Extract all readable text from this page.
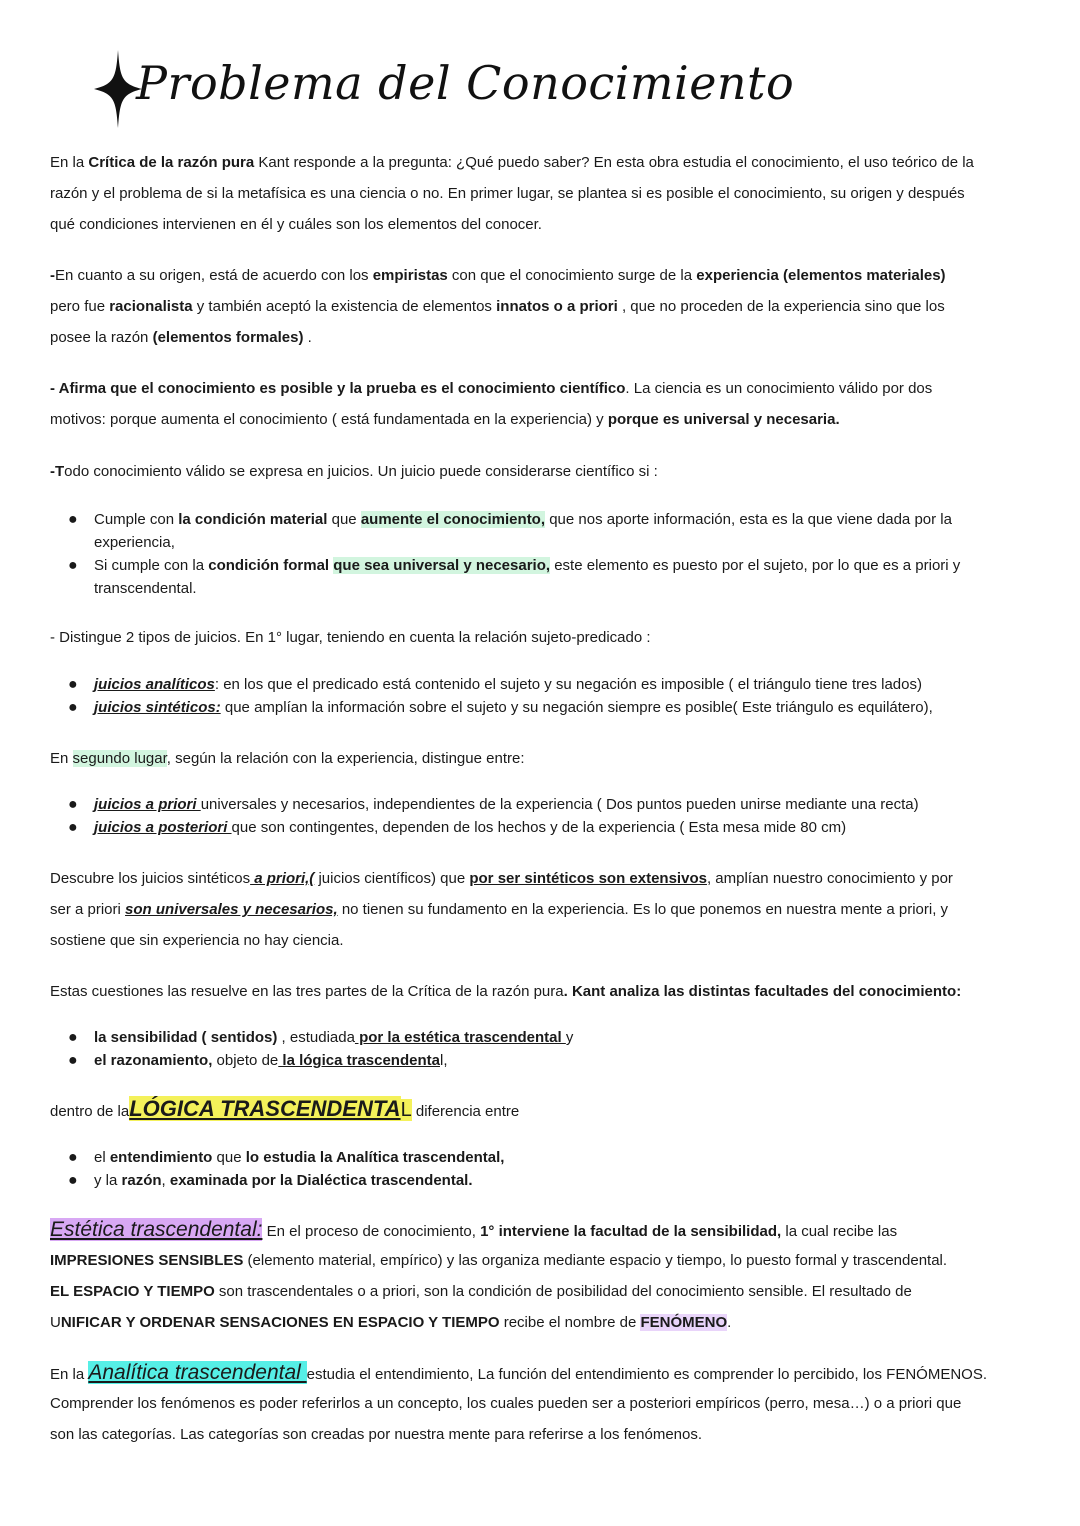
Problema del Conocimiento
En la Crítica de la razón pura Kant responde a la pregunta: ¿Qué puedo saber? En esta obra estudia el conocimiento, el uso teórico de la
razón y el problema de si la metafísica es una ciencia o no. En primer lugar, se plantea si es posible el conocimiento, su origen y después
qué condiciones intervienen en él y cuáles son los elementos del conocer.
-En cuanto a su origen, está de acuerdo con los empiristas con que el conocimiento surge de la experiencia (elementos materiales)
pero fue racionalista y también aceptó la existencia de elementos innatos o a priori , que no proceden de la experiencia sino que los
posee la razón (elementos formales) .
- Afirma que el conocimiento es posible y la prueba es el conocimiento científico. La ciencia es un conocimiento válido por dos
motivos: porque aumenta el conocimiento ( está fundamentada en la experiencia) y porque es universal y necesaria.
-Todo conocimiento válido se expresa en juicios. Un juicio puede considerarse científico si :
● Cumple con la condición material que aumente el conocimiento, que nos aporte información, esta es la que viene dada por la
experiencia,
● Si cumple con la condición formal que sea universal y necesario, este elemento es puesto por el sujeto, por lo que es a priori y
transcendental.
- Distingue 2 tipos de juicios. En 1° lugar, teniendo en cuenta la relación sujeto-predicado :
● juicios analíticos: en los que el predicado está contenido el sujeto y su negación es imposible ( el triángulo tiene tres lados)
● juicios sintéticos: que amplían la información sobre el sujeto y su negación siempre es posible( Este triángulo es equilátero),
En segundo lugar, según la relación con la experiencia, distingue entre:
● juicios a priori universales y necesarios, independientes de la experiencia ( Dos puntos pueden unirse mediante una recta)
● juicios a posteriori que son contingentes, dependen de los hechos y de la experiencia ( Esta mesa mide 80 cm)
Descubre los juicios sintéticos a priori,( juicios científicos) que por ser sintéticos son extensivos, amplían nuestro conocimiento y por
ser a priori son universales y necesarios, no tienen su fundamento en la experiencia. Es lo que ponemos en nuestra mente a priori, y
sostiene que sin experiencia no hay ciencia.
Estas cuestiones las resuelve en las tres partes de la Crítica de la razón pura. Kant analiza las distintas facultades del conocimiento:
● la sensibilidad ( sentidos) , estudiada por la estética trascendental y
● el razonamiento, objeto de la lógica trascendental,
dentro de laLÓGICA TRASCENDENTAL diferencia entre
● el entendimiento que lo estudia la Analítica trascendental,
● y la razón, examinada por la Dialéctica trascendental.
Estética trascendental: En el proceso de conocimiento, 1° interviene la facultad de la sensibilidad, la cual recibe las
IMPRESIONES SENSIBLES (elemento material, empírico) y las organiza mediante espacio y tiempo, lo puesto formal y trascendental.
EL ESPACIO Y TIEMPO son trascendentales o a priori, son la condición de posibilidad del conocimiento sensible. El resultado de
UNIFICAR Y ORDENAR SENSACIONES EN ESPACIO Y TIEMPO recibe el nombre de FENÓMENO.
En la Analítica trascendental estudia el entendimiento, La función del entendimiento es comprender lo percibido, los FENÓMENOS.
Comprender los fenómenos es poder referirlos a un concepto, los cuales pueden ser a posteriori empíricos (perro, mesa…) o a priori que
son las categorías. Las categorías son creadas por nuestra mente para referirse a los fenómenos.
